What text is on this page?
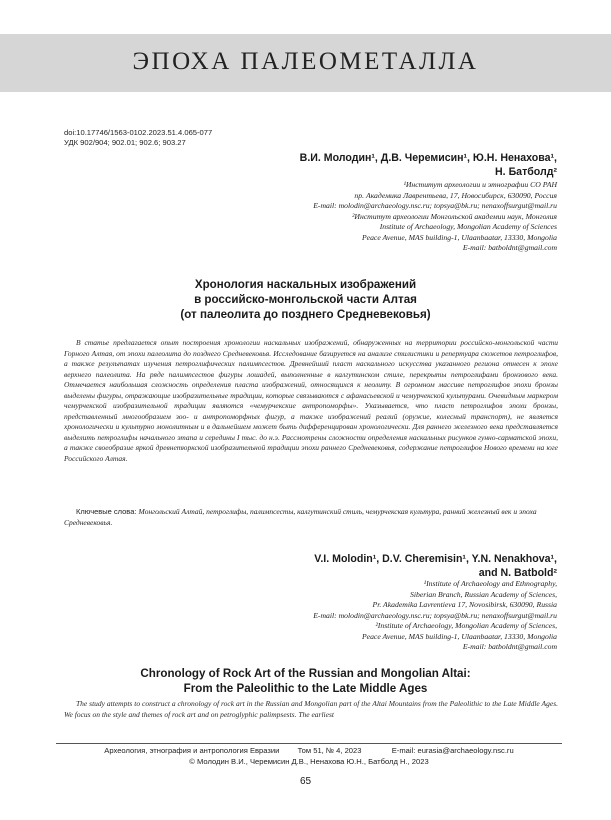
ЭПОХА ПАЛЕОМЕТАЛЛА
doi:10.17746/1563-0102.2023.51.4.065-077
УДК 902/904; 902.01; 902.6; 903.27
В.И. Молодин¹, Д.В. Черемисин¹, Ю.Н. Ненахова¹,
Н. Батболд²
¹Институт археологии и этнографии СО РАН
пр. Академика Лаврентьева, 17, Новосибирск, 630090, Россия
E-mail: molodin@archaeology.nsc.ru; topsya@bk.ru; nenaxoffsurgut@mail.ru
²Институт археологии Монгольской академии наук, Монголия
Institute of Archaeology, Mongolian Academy of Sciences
Peace Avenue, MAS building-1, Ulaanbaatar, 13330, Mongolia
E-mail: batboldnt@gmail.com
Хронология наскальных изображений
в российско-монгольской части Алтая
(от палеолита до позднего Средневековья)
В статье предлагается опыт построения хронологии наскальных изображений, обнаруженных на территории российско-монгольской части Горного Алтая, от эпохи палеолита до позднего Средневековья. Исследование базируется на анализе стилистики и репертуара сюжетов петроглифов, а также результатах изучения петроглифических палимпсестов. Древнейший пласт наскального искусства указанного региона отнесен к эпохе верхнего палеолита. На ряде палимпсестов фигуры лошадей, выполненные в калгутинском стиле, перекрыты петроглифами бронзового века. Отмечается наибольшая сложность определения пласта изображений, относящихся к неолиту. В огромном массиве петроглифов эпохи бронзы выделены фигуры, отражающие изобразительные традиции, которые связываются с афанасьевской и чемурчекской культурами. Очевидным маркером чемурчекской изобразительной традиции являются «чемурчекские антропоморфы». Указывается, что пласт петроглифов эпохи бронзы, представленный многообразием зоо- и антропоморфных фигур, а также изображений реалий (оружие, колесный транспорт), не является хронологически и культурно монолитным и в дальнейшем может быть дифференцирован хронологически. Для раннего железного века представляется выделить петроглифы начального этапа и середины I тыс. до н.э. Рассмотрены сложности определения наскальных рисунков гунно-сарматской эпохи, а также своеобразие яркой древнетюркской изобразительной традиции эпохи раннего Средневековья, содержание петроглифов Нового времени на юге Российского Алтая.
Ключевые слова: Монгольский Алтай, петроглифы, палимпсесты, калгутинский стиль, чемурчекская культура, ранний железный век и эпоха Средневековья.
V.I. Molodin¹, D.V. Cheremisin¹, Y.N. Nenakhova¹,
and N. Batbold²
¹Institute of Archaeology and Ethnography,
Siberian Branch, Russian Academy of Sciences,
Pr. Akademika Lavrentieva 17, Novosibirsk, 630090, Russia
E-mail: molodin@archaeology.nsc.ru; topsya@bk.ru; nenaxoffsurgut@mail.ru
²Institute of Archaeology, Mongolian Academy of Sciences,
Peace Avenue, MAS building-1, Ulaanbaatar, 13330, Mongolia
E-mail: batboldnt@gmail.com
Chronology of Rock Art of the Russian and Mongolian Altai:
From the Paleolithic to the Late Middle Ages
The study attempts to construct a chronology of rock art in the Russian and Mongolian part of the Altai Mountains from the Paleolithic to the Late Middle Ages. We focus on the style and themes of rock art and on petroglyphic palimpsests. The earliest
Археология, этнография и антропология Евразии Том 51, № 4, 2023	E-mail: eurasia@archaeology.nsc.ru
© Молодин В.И., Черемисин Д.В., Ненахова Ю.Н., Батболд Н., 2023
65
